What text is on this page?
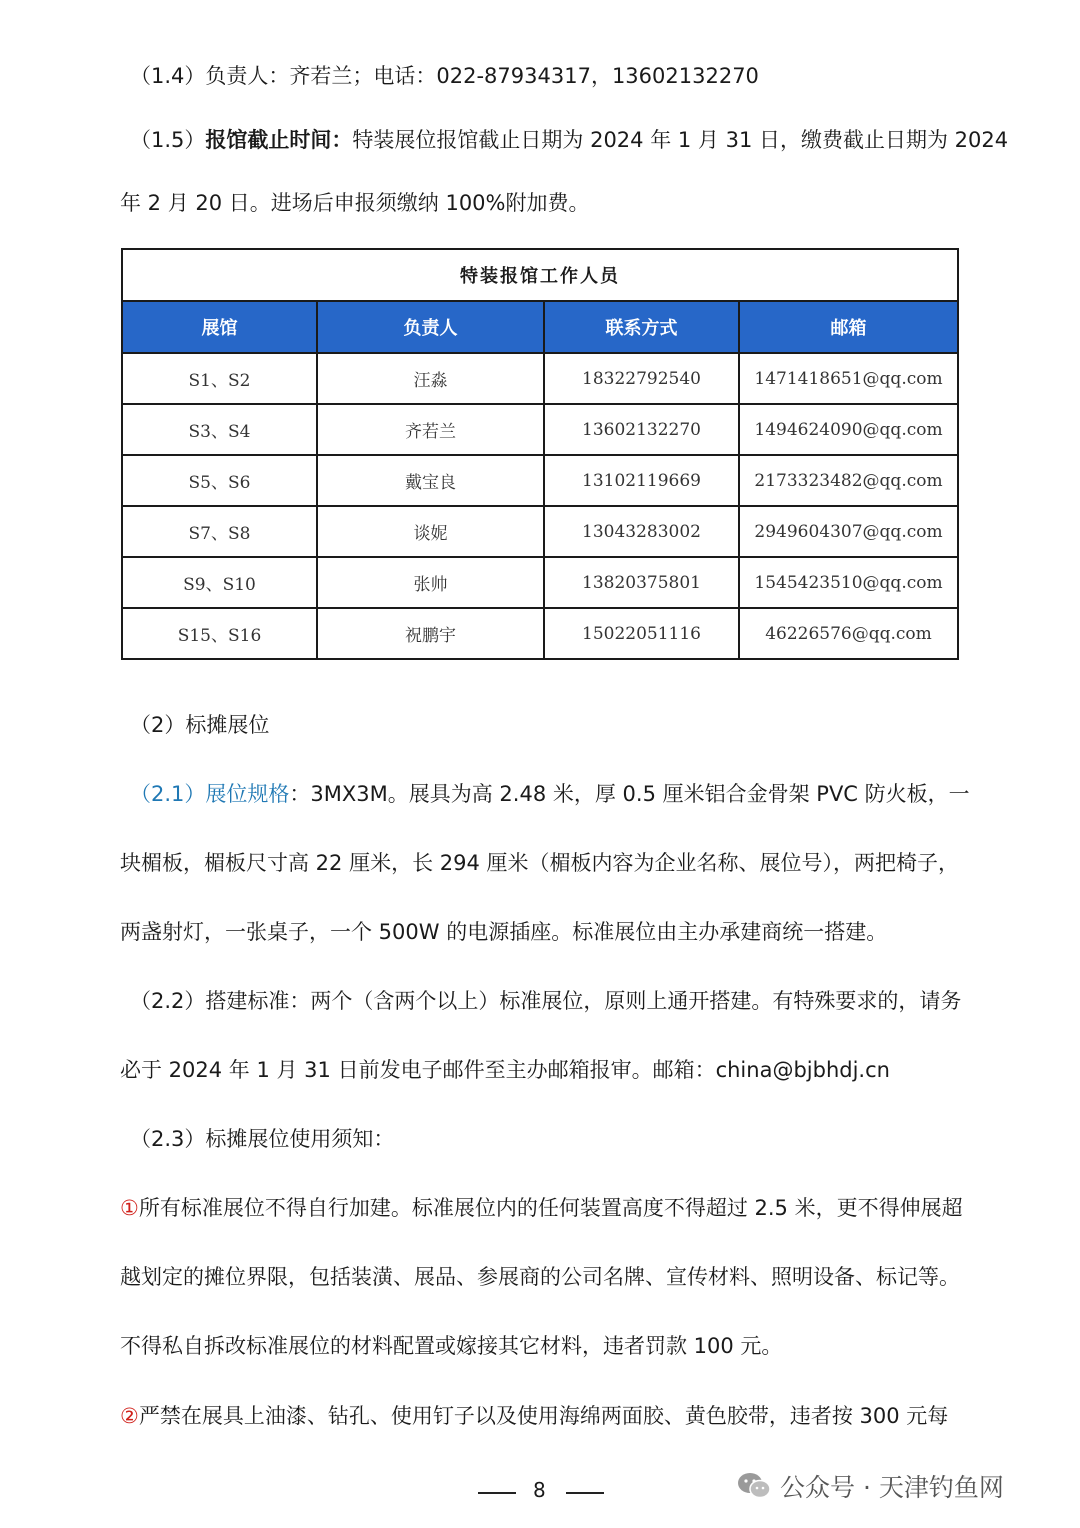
（1.4）负责人：齐若兰；电话：022-87934317，13602132270
（1.5）报馆截止时间：特装展位报馆截止日期为 2024 年 1 月 31 日，缴费截止日期为 2024
年 2 月 20 日。进场后申报须缴纳 100%附加费。
特装报馆工作人员			
展馆	负责人	联系方式	邮箱
S1、S2	汪淼	18322792540	1471418651@qq.com
S3、S4	齐若兰	13602132270	1494624090@qq.com
S5、S6	戴宝良	13102119669	2173323482@qq.com
S7、S8	谈妮	13043283002	2949604307@qq.com
S9、S10	张帅	13820375801	1545423510@qq.com
S15、S16	祝鹏宇	15022051116	46226576@qq.com
（2）标摊展位
（2.1）展位规格：3MX3M。展具为高 2.48 米，厚 0.5 厘米铝合金骨架 PVC 防火板，一
块楣板，楣板尺寸高 22 厘米，长 294 厘米（楣板内容为企业名称、展位号），两把椅子，
两盏射灯，一张桌子，一个 500W 的电源插座。标准展位由主办承建商统一搭建。
（2.2）搭建标准：两个（含两个以上）标准展位，原则上通开搭建。有特殊要求的，请务
必于 2024 年 1 月 31 日前发电子邮件至主办邮箱报审。邮箱：china@bjbhdj.cn
（2.3）标摊展位使用须知：
①所有标准展位不得自行加建。标准展位内的任何装置高度不得超过 2.5 米，更不得伸展超
越划定的摊位界限，包括装潢、展品、参展商的公司名牌、宣传材料、照明设备、标记等。
不得私自拆改标准展位的材料配置或嫁接其它材料，违者罚款 100 元。
②严禁在展具上油漆、钻孔、使用钉子以及使用海绵两面胶、黄色胶带，违者按 300 元每
8	公众号 · 天津钓鱼网
